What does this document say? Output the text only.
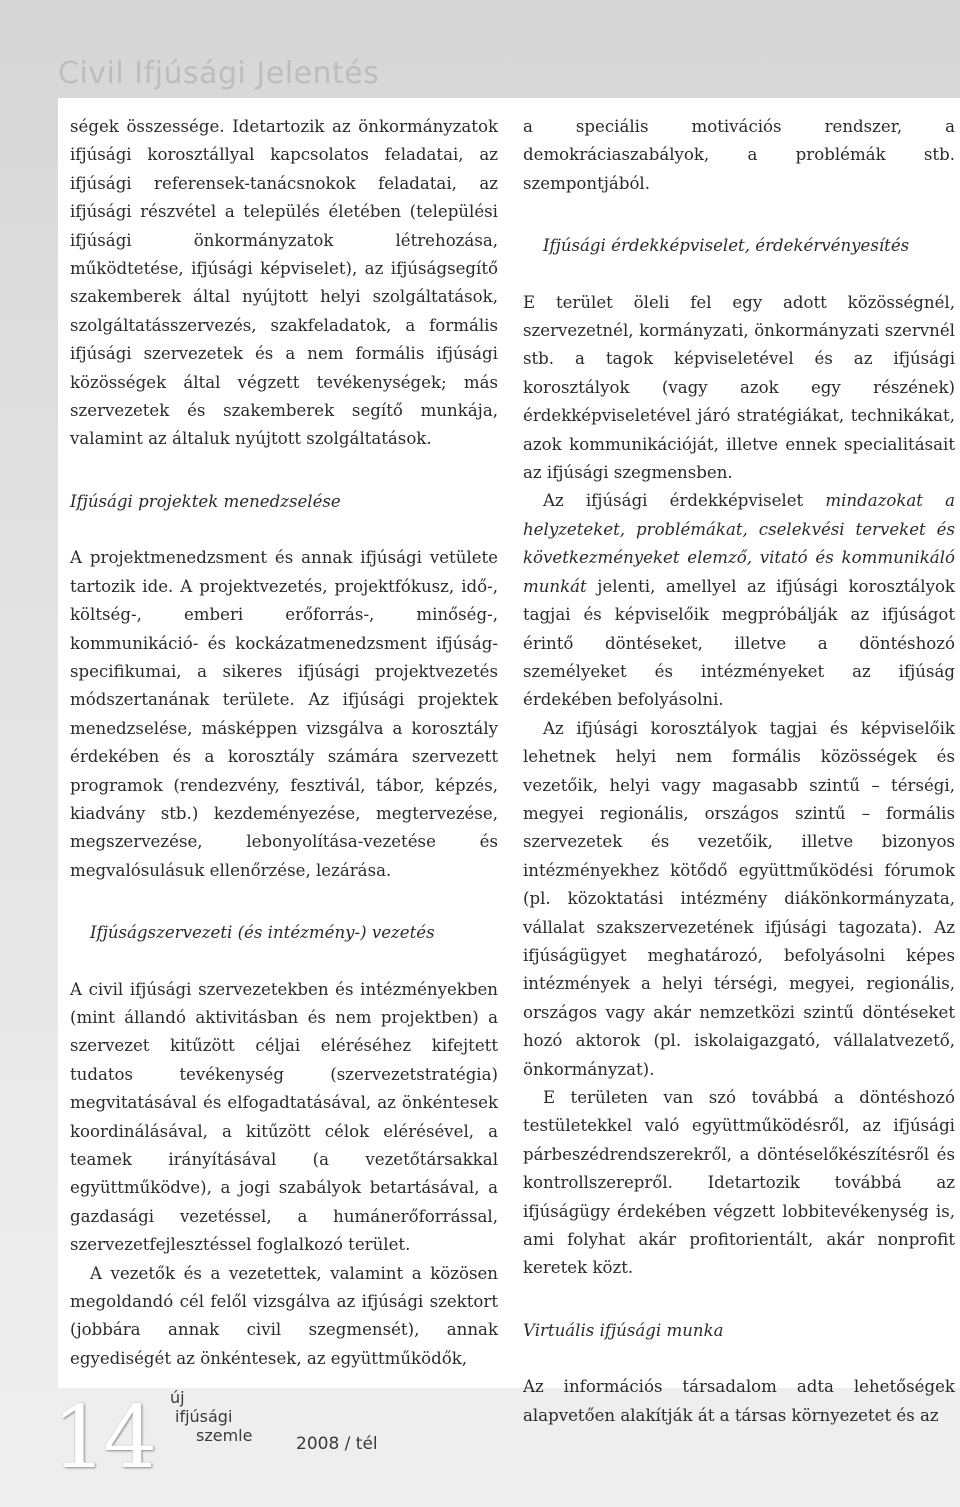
Civil Ifjúsági Jelentés

ségek összessége. Idetartozik az önkormányzatok ifjúsági korosztállyal kapcsolatos feladatai, az ifjúsági referensek-tanácsnokok feladatai, az ifjúsági részvétel a település életében (települési ifjúsági önkormányzatok létrehozása, működtetése, ifjúsági képviselet), az ifjúságsegítő szakemberek által nyújtott helyi szolgáltatások, szolgáltatásszervezés, szakfeladatok, a formális ifjúsági szervezetek és a nem formális ifjúsági közösségek által végzett tevékenységek; más szervezetek és szakemberek segítő munkája, valamint az általuk nyújtott szolgáltatások.

Ifjúsági projektek menedzselése

A projektmenedzsment és annak ifjúsági vetülete tartozik ide. A projektvezetés, projektfókusz, idő-, költség-, emberi erőforrás-, minőség-, kommunikáció- és kockázatmenedzsment ifjúság-specifikumai, a sikeres ifjúsági projektvezetés módszertanának területe. Az ifjúsági projektek menedzselése, másképpen vizsgálva a korosztály érdekében és a korosztály számára szervezett programok (rendezvény, fesztivál, tábor, képzés, kiadvány stb.) kezdeményezése, megtervezése, megszervezése, lebonyolítása-vezetése és megvalósulásuk ellenőrzése, lezárása.

Ifjúságszervezeti (és intézmény-) vezetés

A civil ifjúsági szervezetekben és intézményekben (mint állandó aktivitásban és nem projektben) a szervezet kitűzött céljai eléréséhez kifejtett tudatos tevékenység (szervezetstratégia) megvitatásával és elfogadtatásával, az önkéntesek koordinálásával, a kitűzött célok elérésével, a teamek irányításával (a vezetőtársakkal együttműködve), a jogi szabályok betartásával, a gazdasági vezetéssel, a humánerőforrással, szervezetfejlesztéssel foglalkozó terület.

A vezetők és a vezetettek, valamint a közösen megoldandó cél felől vizsgálva az ifjúsági szektort (jobbára annak civil szegmensét), annak egyediségét az önkéntesek, az együttműködők,

a speciális motivációs rendszer, a demokráciaszabályok, a problémák stb. szempontjából.

Ifjúsági érdekképviselet, érdekérvényesítés

E terület öleli fel egy adott közösségnél, szervezetnél, kormányzati, önkormányzati szervnél stb. a tagok képviseletével és az ifjúsági korosztályok (vagy azok egy részének) érdekképviseletével járó stratégiákat, technikákat, azok kommunikációját, illetve ennek specialitásait az ifjúsági szegmensben.

Az ifjúsági érdekképviselet mindazokat a helyzeteket, problémákat, cselekvési terveket és következményeket elemző, vitató és kommunikáló munkát jelenti, amellyel az ifjúsági korosztályok tagjai és képviselőik megpróbálják az ifjúságot érintő döntéseket, illetve a döntéshozó személyeket és intézményeket az ifjúság érdekében befolyásolni.

Az ifjúsági korosztályok tagjai és képviselőik lehetnek helyi nem formális közösségek és vezetőik, helyi vagy magasabb szintű – térségi, megyei regionális, országos szintű – formális szervezetek és vezetőik, illetve bizonyos intézményekhez kötődő együttműködési fórumok (pl. közoktatási intézmény diákönkormányzata, vállalat szakszervezetének ifjúsági tagozata). Az ifjúságügyet meghatározó, befolyásolni képes intézmények a helyi térségi, megyei, regionális, országos vagy akár nemzetközi szintű döntéseket hozó aktorok (pl. iskolaigazgató, vállalatvezető, önkormányzat).

E területen van szó továbbá a döntéshozó testületekkel való együttműködésről, az ifjúsági párbeszédrendszerekről, a döntéselőkészítésről és kontrollszerepről. Idetartozik továbbá az ifjúságügy érdekében végzett lobbitevékenység is, ami folyhat akár profitorientált, akár nonprofit keretek közt.

Virtuális ifjúsági munka

Az információs társadalom adta lehetőségek alapvetően alakítják át a társas környezetet és az

14 új
ifjúsági
szemle	2008 / tél
